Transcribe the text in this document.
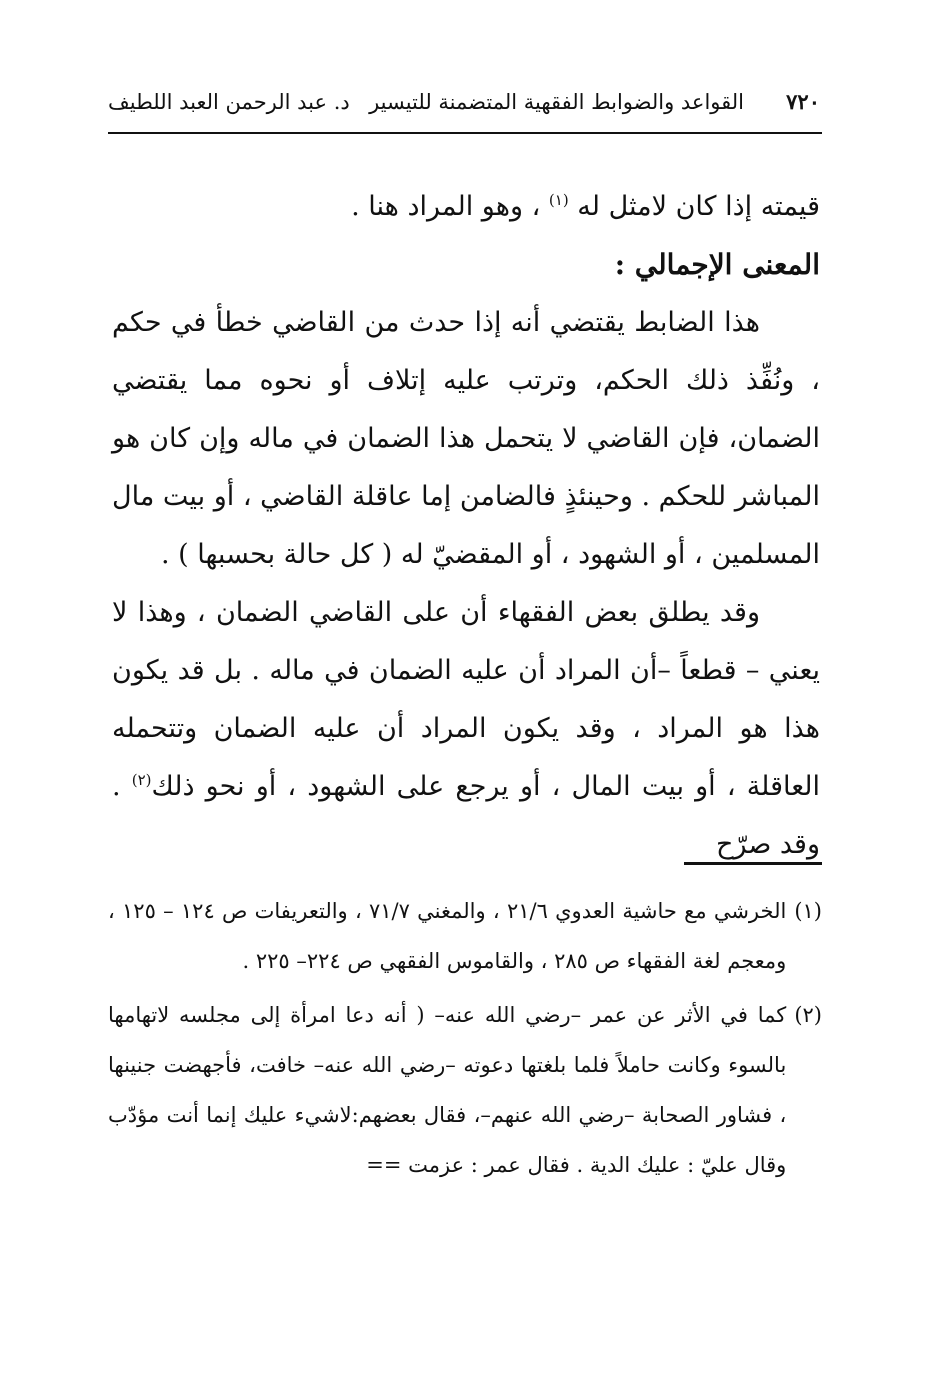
٧٢٠
القواعد والضوابط الفقهية المتضمنة للتيسير
د. عبد الرحمن العبد اللطيف

قيمته إذا كان لامثل له $^{(١)}$ ، وهو المراد هنا .

المعنى الإجمالي :

هذا الضابط يقتضي أنه إذا حدث من القاضي خطأ في حكم ، ونُفِّذ ذلك الحكم، وترتب عليه إتلاف أو نحوه مما يقتضي الضمان، فإن القاضي لا يتحمل هذا الضمان في ماله وإن كان هو المباشر للحكم . وحينئذٍ فالضامن إما عاقلة القاضي ، أو بيت مال المسلمين ، أو الشهود ، أو المقضيّ له ( كل حالة بحسبها ) .

وقد يطلق بعض الفقهاء أن على القاضي الضمان ، وهذا لا يعني – قطعاً –أن المراد أن عليه الضمان في ماله . بل قد يكون هذا هو المراد ، وقد يكون المراد أن عليه الضمان وتتحمله العاقلة ، أو بيت المال ، أو يرجع على الشهود ، أو نحو ذلك$^{(٢)}$ . وقد صرّح

(١)
الخرشي مع حاشية العدوي ٢١/٦ ، والمغني ٧١/٧ ، والتعريفات ص ١٢٤ – ١٢٥ ، ومعجم لغة الفقهاء ص ٢٨٥ ، والقاموس الفقهي ص ٢٢٤– ٢٢٥ .
(٢)
كما في الأثر عن عمر –رضي الله عنه– ( أنه دعا امرأة إلى مجلسه لاتهامها بالسوء وكانت حاملاً فلما بلغتها دعوته –رضي الله عنه– خافت، فأجهضت جنينها ، فشاور الصحابة –رضي الله عنهم–، فقال بعضهم:لاشيء عليك إنما أنت مؤدّب وقال عليّ : عليك الدية . فقال عمر : عزمت ==
